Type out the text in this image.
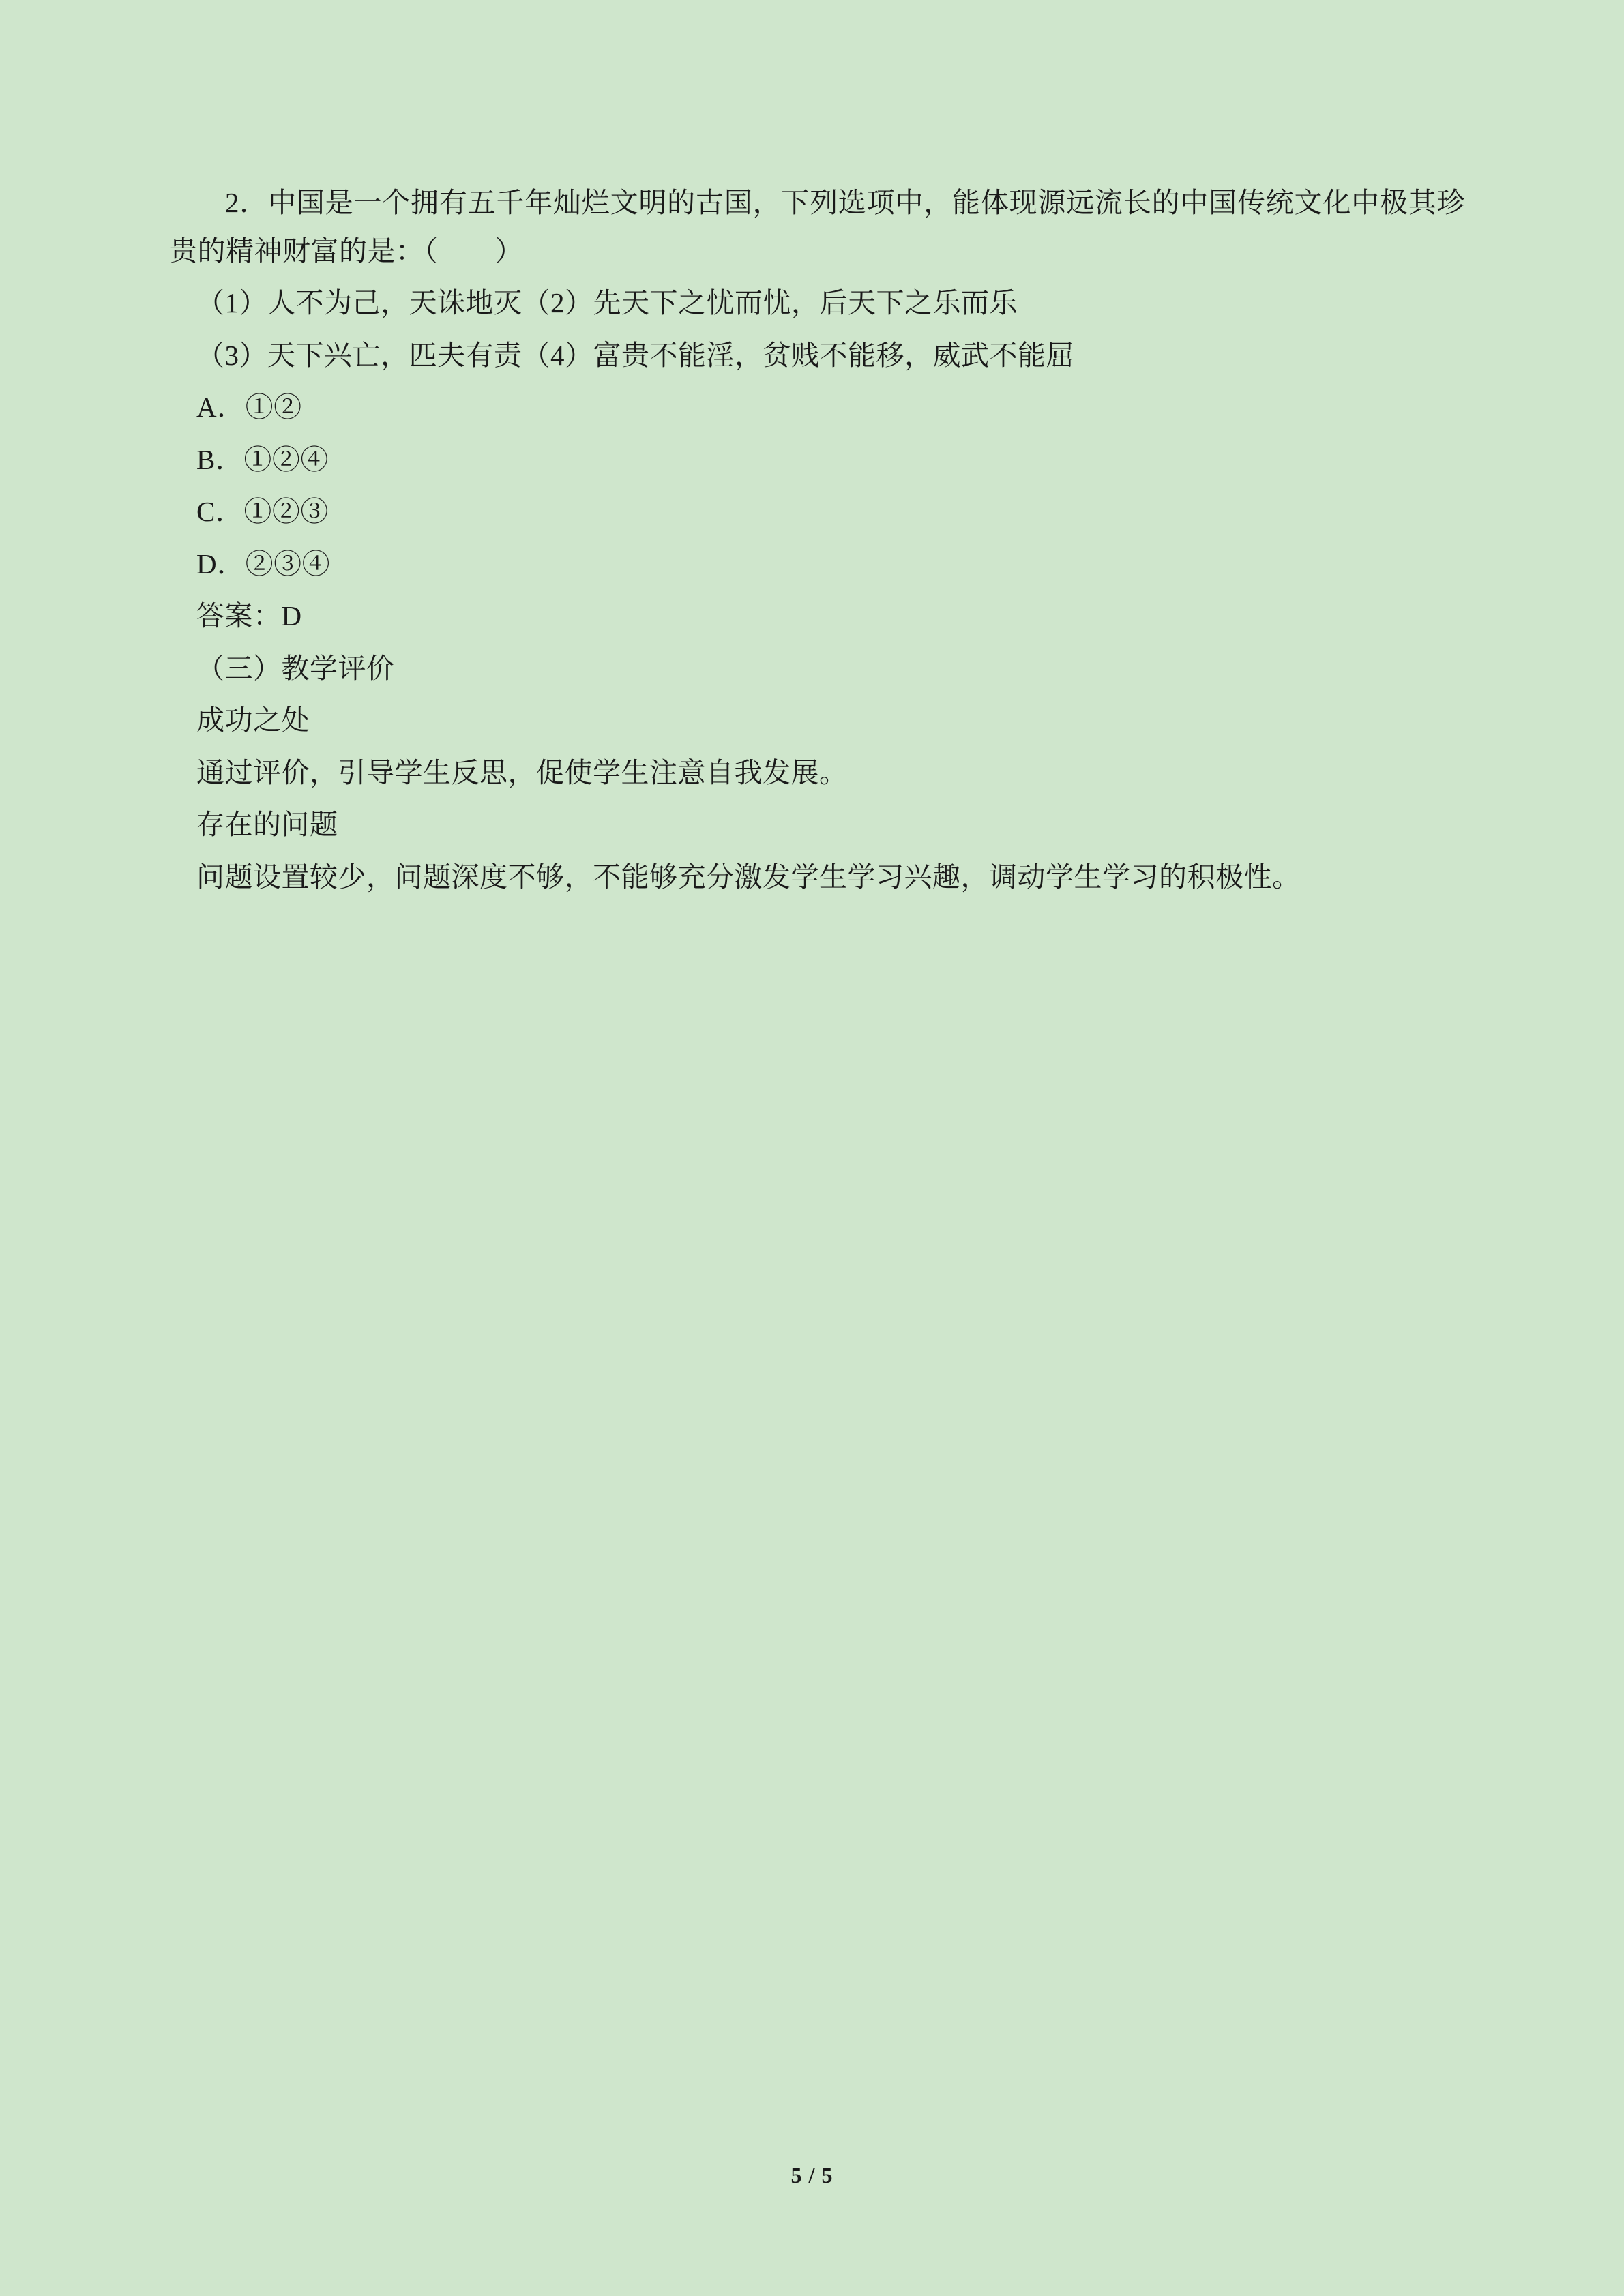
2．中国是一个拥有五千年灿烂文明的古国，下列选项中，能体现源远流长的中国传统文化中极其珍贵的精神财富的是：（　　）

（1）人不为己，天诛地灭（2）先天下之忧而忧，后天下之乐而乐

（3）天下兴亡，匹夫有责（4）富贵不能淫，贫贱不能移，威武不能屈

A．①②

B．①②④

C．①②③

D．②③④

答案：D

（三）教学评价

成功之处

通过评价，引导学生反思，促使学生注意自我发展。

存在的问题

问题设置较少，问题深度不够，不能够充分激发学生学习兴趣，调动学生学习的积极性。

5 / 5
